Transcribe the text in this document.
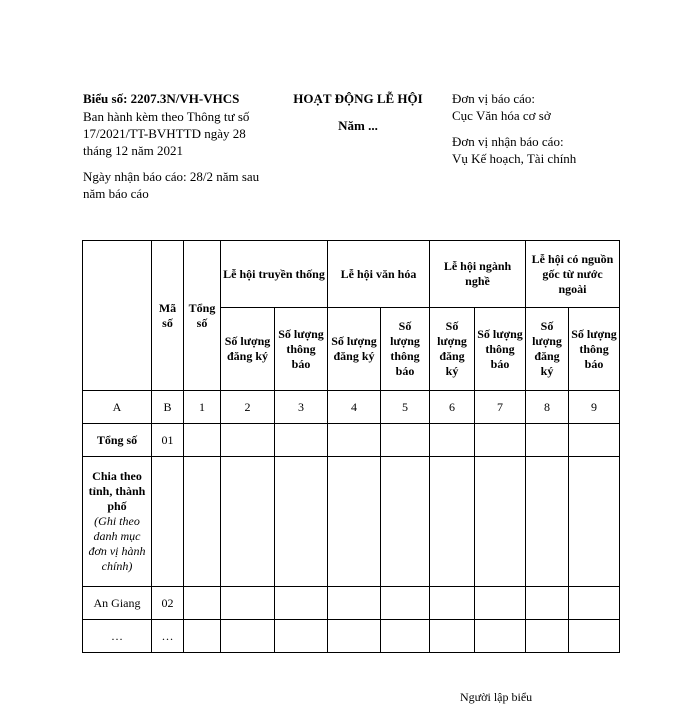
Biểu số: 2207.3N/VH-VHCS
Ban hành kèm theo Thông tư số 17/2021/TT-BVHTTD ngày 28 tháng 12 năm 2021
Ngày nhận báo cáo: 28/2 năm sau năm báo cáo
HOẠT ĐỘNG LỄ HỘI
Năm ...
Đơn vị báo cáo:
Cục Văn hóa cơ sở
Đơn vị nhận báo cáo:
Vụ Kế hoạch, Tài chính
	Mã số	Tổng số	Lễ hội truyền thống		Lễ hội văn hóa		Lễ hội ngành nghề		Lễ hội có nguồn gốc từ nước ngoài	
			Số lượng đăng ký	Số lượng thông báo	Số lượng đăng ký	Số lượng thông báo	Số lượng đăng ký	Số lượng thông báo	Số lượng đăng ký	Số lượng thông báo
A	B	1	2	3	4	5	6	7	8	9
Tổng số	01									
Chia theo tỉnh, thành phố
(Ghi theo danh mục đơn vị hành chính)										
An Giang	02									
…	…									
Người lập biểu
